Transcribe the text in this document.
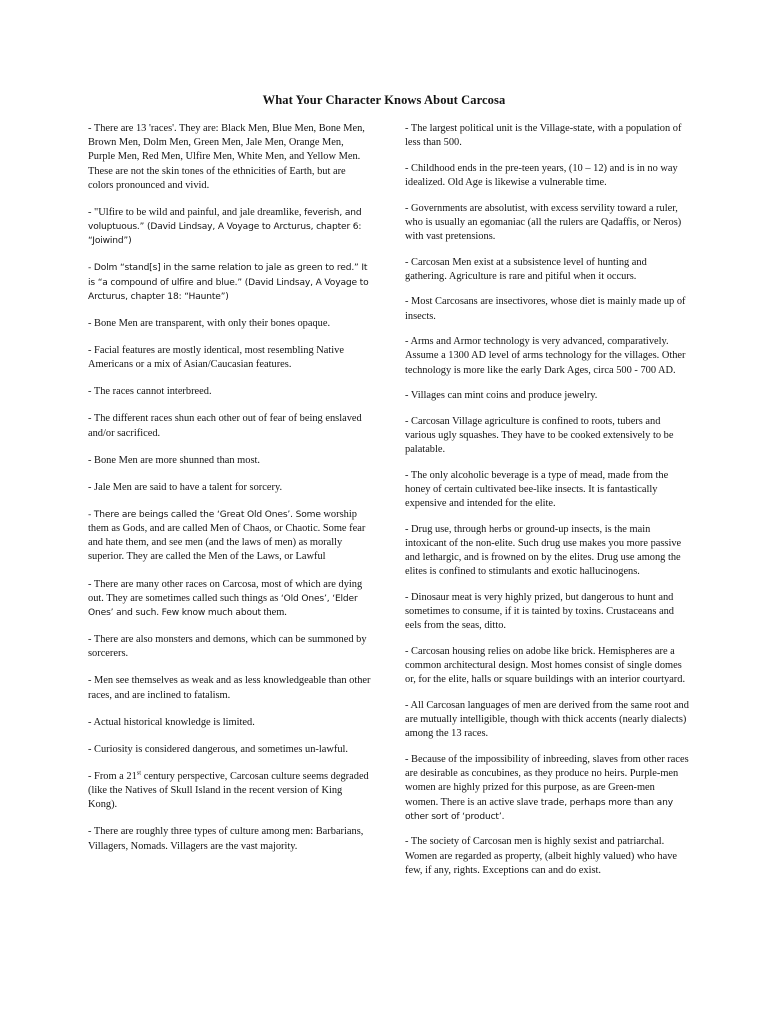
What Your Character Knows About Carcosa
- There are 13 'races'. They are: Black Men, Blue Men, Bone Men, Brown Men, Dolm Men, Green Men, Jale Men, Orange Men, Purple Men, Red Men, Ulfire Men, White Men, and Yellow Men. These are not the skin tones of the ethnicities of Earth, but are colors pronounced and vivid.
- "Ulfire to be wild and painful, and jale dreamlike, feverish, and voluptuous.” (David Lindsay, A Voyage to Arcturus, chapter 6: “Joiwind”)
- Dolm “stand[s] in the same relation to jale as green to red.” It is “a compound of ulfire and blue.” (David Lindsay, A Voyage to Arcturus, chapter 18: “Haunte”)
- Bone Men are transparent, with only their bones opaque.
- Facial features are mostly identical, most resembling Native Americans or a mix of Asian/Caucasian features.
- The races cannot interbreed.
- The different races shun each other out of fear of being enslaved and/or sacrificed.
- Bone Men are more shunned than most.
- Jale Men are said to have a talent for sorcery.
- There are beings called the ‘Great Old Ones’. Some worship them as Gods, and are called Men of Chaos, or Chaotic. Some fear and hate them, and see men (and the laws of men) as morally superior. They are called the Men of the Laws, or Lawful
- There are many other races on Carcosa, most of which are dying out. They are sometimes called such things as ‘Old Ones’, ‘Elder Ones’ and such. Few know much about them.
- There are also monsters and demons, which can be summoned by sorcerers.
- Men see themselves as weak and as less knowledgeable than other races, and are inclined to fatalism.
- Actual historical knowledge is limited.
- Curiosity is considered dangerous, and sometimes un-lawful.
- From a 21st century perspective, Carcosan culture seems degraded (like the Natives of Skull Island in the recent version of King Kong).
- There are roughly three types of culture among men: Barbarians, Villagers, Nomads. Villagers are the vast majority.
- The largest political unit is the Village-state, with a population of less than 500.
- Childhood ends in the pre-teen years, (10 – 12) and is in no way idealized. Old Age is likewise a vulnerable time.
- Governments are absolutist, with excess servility toward a ruler, who is usually an egomaniac (all the rulers are Qadaffis, or Neros) with vast pretensions.
- Carcosan Men exist at a subsistence level of hunting and gathering. Agriculture is rare and pitiful when it occurs.
- Most Carcosans are insectivores, whose diet is mainly made up of insects.
- Arms and Armor technology is very advanced, comparatively. Assume a 1300 AD level of arms technology for the villages. Other technology is more like the early Dark Ages, circa 500 - 700 AD.
- Villages can mint coins and produce jewelry.
- Carcosan Village agriculture is confined to roots, tubers and various ugly squashes. They have to be cooked extensively to be palatable.
- The only alcoholic beverage is a type of mead, made from the honey of certain cultivated bee-like insects. It is fantastically expensive and intended for the elite.
- Drug use, through herbs or ground-up insects, is the main intoxicant of the non-elite. Such drug use makes you more passive and lethargic, and is frowned on by the elites. Drug use among the elites is confined to stimulants and exotic hallucinogens.
- Dinosaur meat is very highly prized, but dangerous to hunt and sometimes to consume, if it is tainted by toxins. Crustaceans and eels from the seas, ditto.
- Carcosan housing relies on adobe like brick. Hemispheres are a common architectural design. Most homes consist of single domes or, for the elite, halls or square buildings with an interior courtyard.
- All Carcosan languages of men are derived from the same root and are mutually intelligible, though with thick accents (nearly dialects) among the 13 races.
- Because of the impossibility of inbreeding, slaves from other races are desirable as concubines, as they produce no heirs. Purple-men women are highly prized for this purpose, as are Green-men women. There is an active slave trade, perhaps more than any other sort of ‘product’.
- The society of Carcosan men is highly sexist and patriarchal. Women are regarded as property, (albeit highly valued) who have few, if any, rights. Exceptions can and do exist.
